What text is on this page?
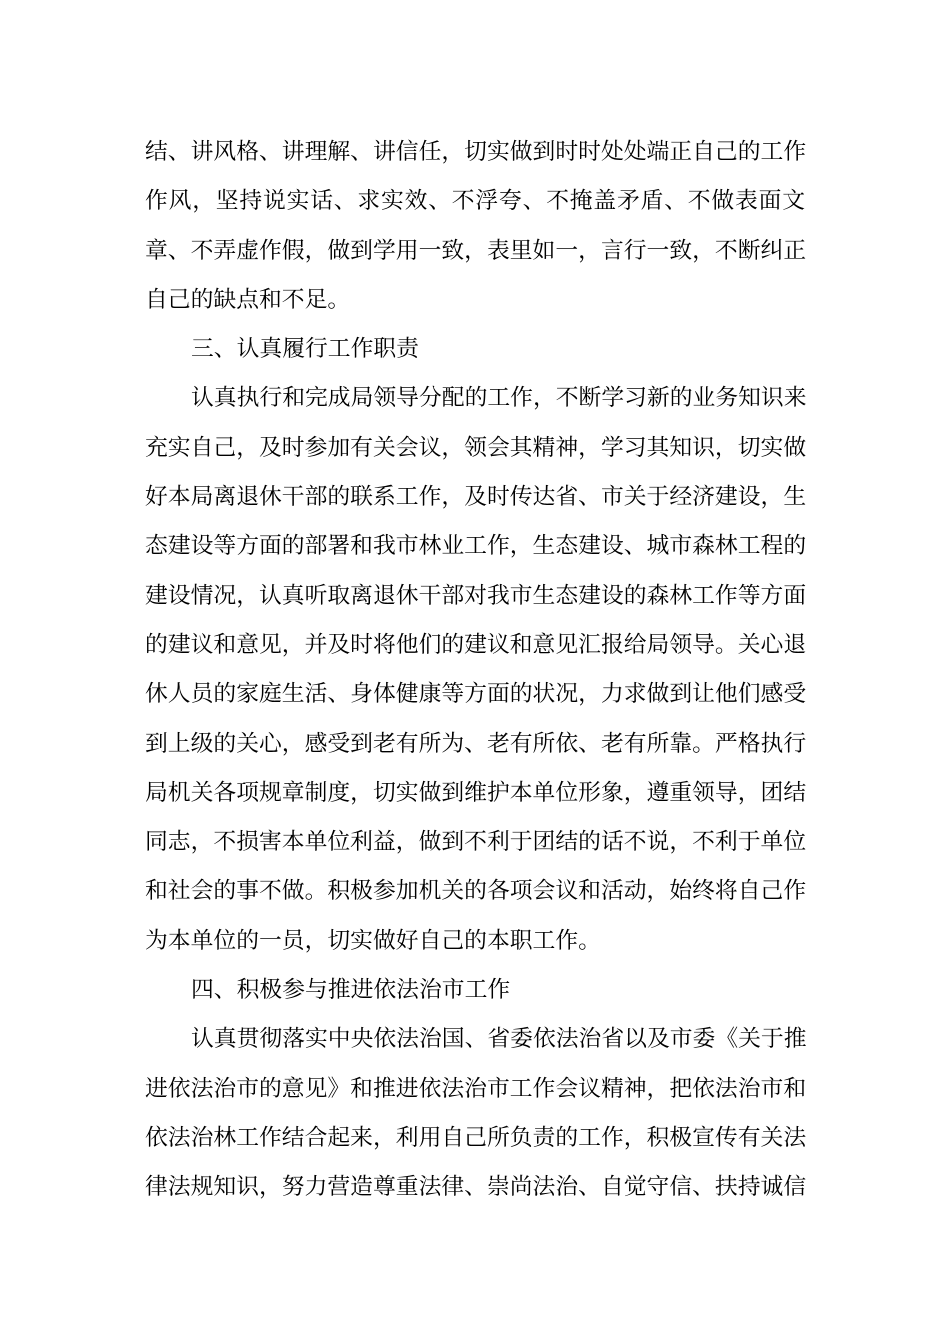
结、讲风格、讲理解、讲信任，切实做到时时处处端正自己的工作
作风，坚持说实话、求实效、不浮夸、不掩盖矛盾、不做表面文
章、不弄虚作假，做到学用一致，表里如一，言行一致，不断纠正
自己的缺点和不足。
三、认真履行工作职责
认真执行和完成局领导分配的工作，不断学习新的业务知识来
充实自己，及时参加有关会议，领会其精神，学习其知识，切实做
好本局离退休干部的联系工作，及时传达省、市关于经济建设，生
态建设等方面的部署和我市林业工作，生态建设、城市森林工程的
建设情况，认真听取离退休干部对我市生态建设的森林工作等方面
的建议和意见，并及时将他们的建议和意见汇报给局领导。关心退
休人员的家庭生活、身体健康等方面的状况，力求做到让他们感受
到上级的关心，感受到老有所为、老有所依、老有所靠。严格执行
局机关各项规章制度，切实做到维护本单位形象，遵重领导，团结
同志，不损害本单位利益，做到不利于团结的话不说，不利于单位
和社会的事不做。积极参加机关的各项会议和活动，始终将自己作
为本单位的一员，切实做好自己的本职工作。
四、积极参与推进依法治市工作
认真贯彻落实中央依法治国、省委依法治省以及市委《关于推
进依法治市的意见》和推进依法治市工作会议精神，把依法治市和
依法治林工作结合起来，利用自己所负责的工作，积极宣传有关法
律法规知识，努力营造尊重法律、崇尚法治、自觉守信、扶持诚信
